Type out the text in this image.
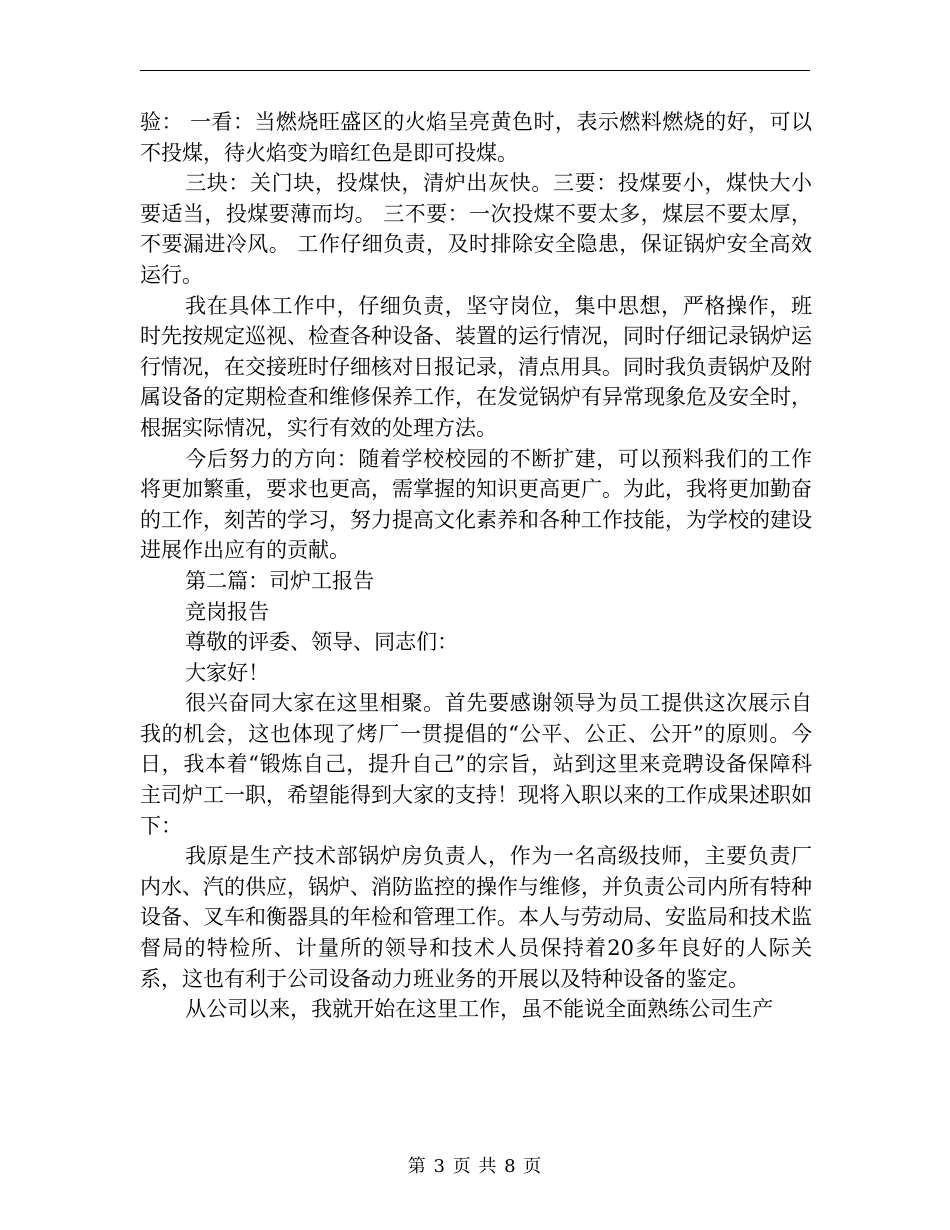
验： 一看：当燃烧旺盛区的火焰呈亮黄色时，表示燃料燃烧的好，可以不投煤，待火焰变为暗红色是即可投煤。

三块：关门块，投煤快，清炉出灰快。三要：投煤要小，煤快大小要适当，投煤要薄而均。 三不要：一次投煤不要太多，煤层不要太厚，不要漏进冷风。 工作仔细负责，及时排除安全隐患，保证锅炉安全高效运行。

我在具体工作中，仔细负责，坚守岗位，集中思想，严格操作，班时先按规定巡视、检查各种设备、装置的运行情况，同时仔细记录锅炉运行情况，在交接班时仔细核对日报记录，清点用具。同时我负责锅炉及附属设备的定期检查和维修保养工作，在发觉锅炉有异常现象危及安全时，根据实际情况，实行有效的处理方法。

今后努力的方向：随着学校校园的不断扩建，可以预料我们的工作将更加繁重，要求也更高，需掌握的知识更高更广。为此，我将更加勤奋的工作，刻苦的学习，努力提高文化素养和各种工作技能，为学校的建设进展作出应有的贡献。

第二篇：司炉工报告

竞岗报告

尊敬的评委、领导、同志们：

大家好！

很兴奋同大家在这里相聚。首先要感谢领导为员工提供这次展示自我的机会，这也体现了烤厂一贯提倡的“公平、公正、公开”的原则。今日，我本着“锻炼自己，提升自己”的宗旨，站到这里来竞聘设备保障科主司炉工一职，希望能得到大家的支持！现将入职以来的工作成果述职如下：

我原是生产技术部锅炉房负责人，作为一名高级技师，主要负责厂内水、汽的供应，锅炉、消防监控的操作与维修，并负责公司内所有特种设备、叉车和衡器具的年检和管理工作。本人与劳动局、安监局和技术监督局的特检所、计量所的领导和技术人员保持着20多年良好的人际关系，这也有利于公司设备动力班业务的开展以及特种设备的鉴定。

从公司以来，我就开始在这里工作，虽不能说全面熟练公司生产

第 3 页 共 8 页
